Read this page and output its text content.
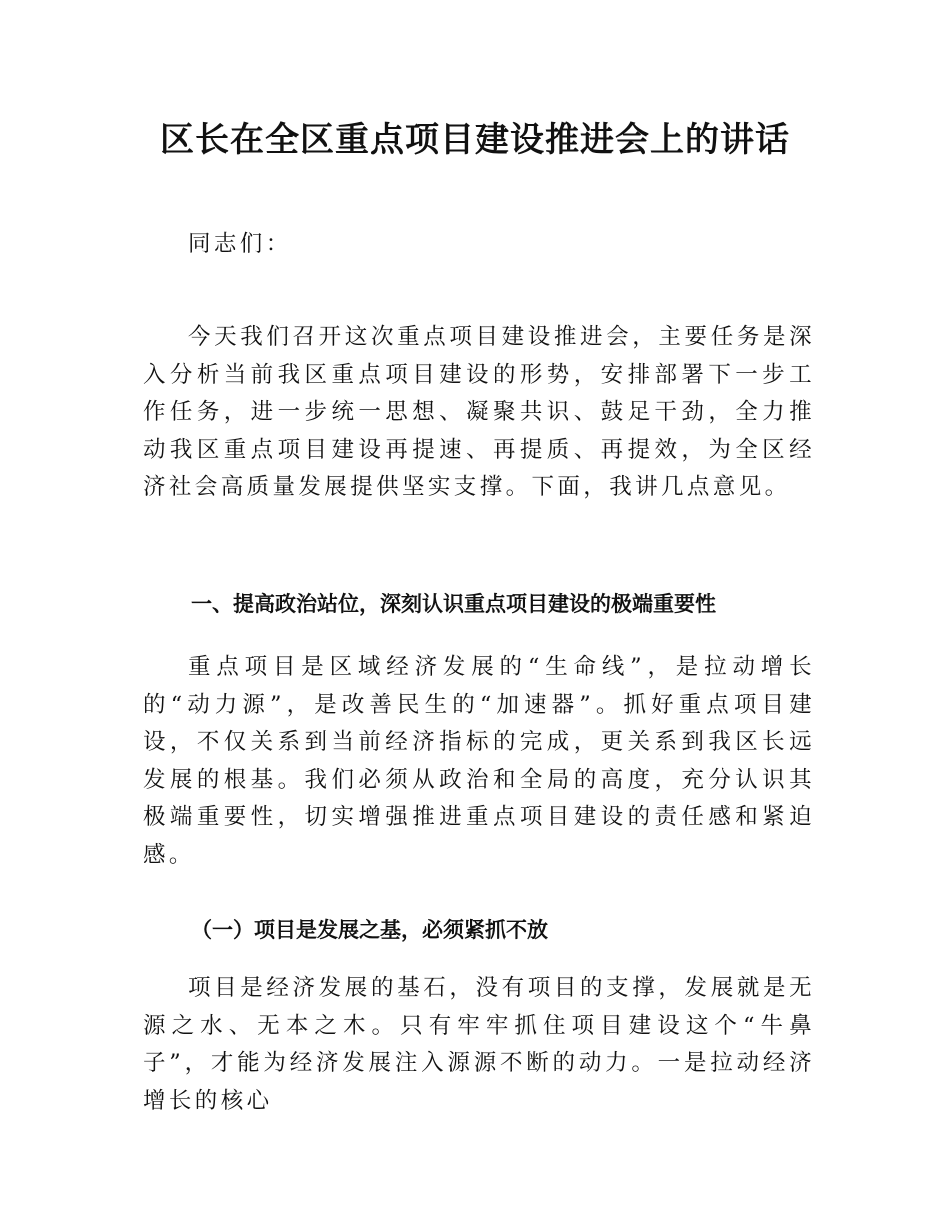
区长在全区重点项目建设推进会上的讲话
同志们：
今天我们召开这次重点项目建设推进会，主要任务是深入分析当前我区重点项目建设的形势，安排部署下一步工作任务，进一步统一思想、凝聚共识、鼓足干劲，全力推动我区重点项目建设再提速、再提质、再提效，为全区经济社会高质量发展提供坚实支撑。下面，我讲几点意见。
一、提高政治站位，深刻认识重点项目建设的极端重要性
重点项目是区域经济发展的“生命线”，是拉动增长的“动力源”，是改善民生的“加速器”。抓好重点项目建设，不仅关系到当前经济指标的完成，更关系到我区长远发展的根基。我们必须从政治和全局的高度，充分认识其极端重要性，切实增强推进重点项目建设的责任感和紧迫感。
（一）项目是发展之基，必须紧抓不放
项目是经济发展的基石，没有项目的支撑，发展就是无源之水、无本之木。只有牢牢抓住项目建设这个“牛鼻子”，才能为经济发展注入源源不断的动力。一是拉动经济增长的核心
